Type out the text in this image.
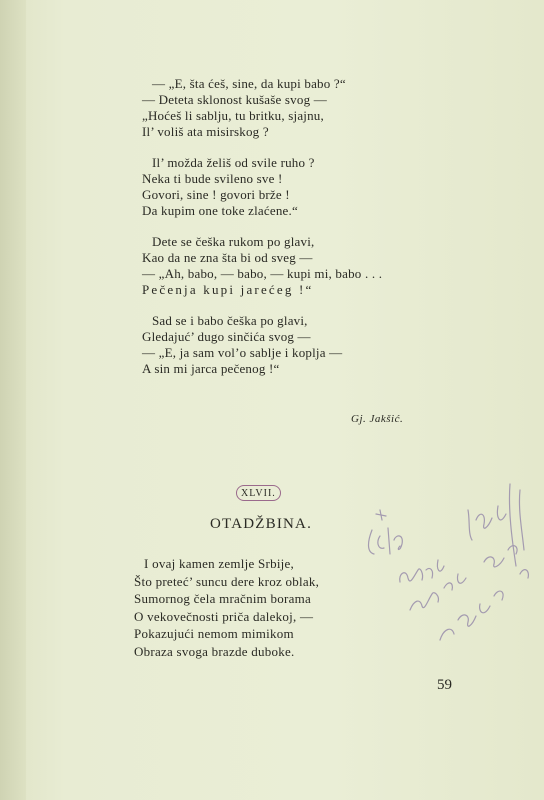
— „E, šta ćeš, sine, da kupi babo ?“
— Deteta sklonost kušaše svog —
„Hoćeš li sablju, tu britku, sjajnu,
Il’ voliš ata misirskog ?
Il’ možda želiš od svile ruho ?
Neka ti bude svileno sve !
Govori, sine ! govori brže !
Da kupim one toke zlaćene.“
Dete se češka rukom po glavi,
Kao da ne zna šta bi od sveg —
— „Ah, babo, — babo, — kupi mi, babo . . .
Pečenja kupi jarećeg !“
Sad se i babo češka po glavi,
Gledajuć’ dugo sinčića svog —
— „E, ja sam vol’o sablje i koplja —
A sin mi jarca pečenog !“
Gj. Jakšić.
XLVII.
OTADŽBINA.
I ovaj kamen zemlje Srbije,
Što preteć’ suncu dere kroz oblak,
Sumornog čela mračnim borama
O vekovečnosti priča dalekoj, —
Pokazujući nemom mimikom
Obraza svoga brazde duboke.
59
